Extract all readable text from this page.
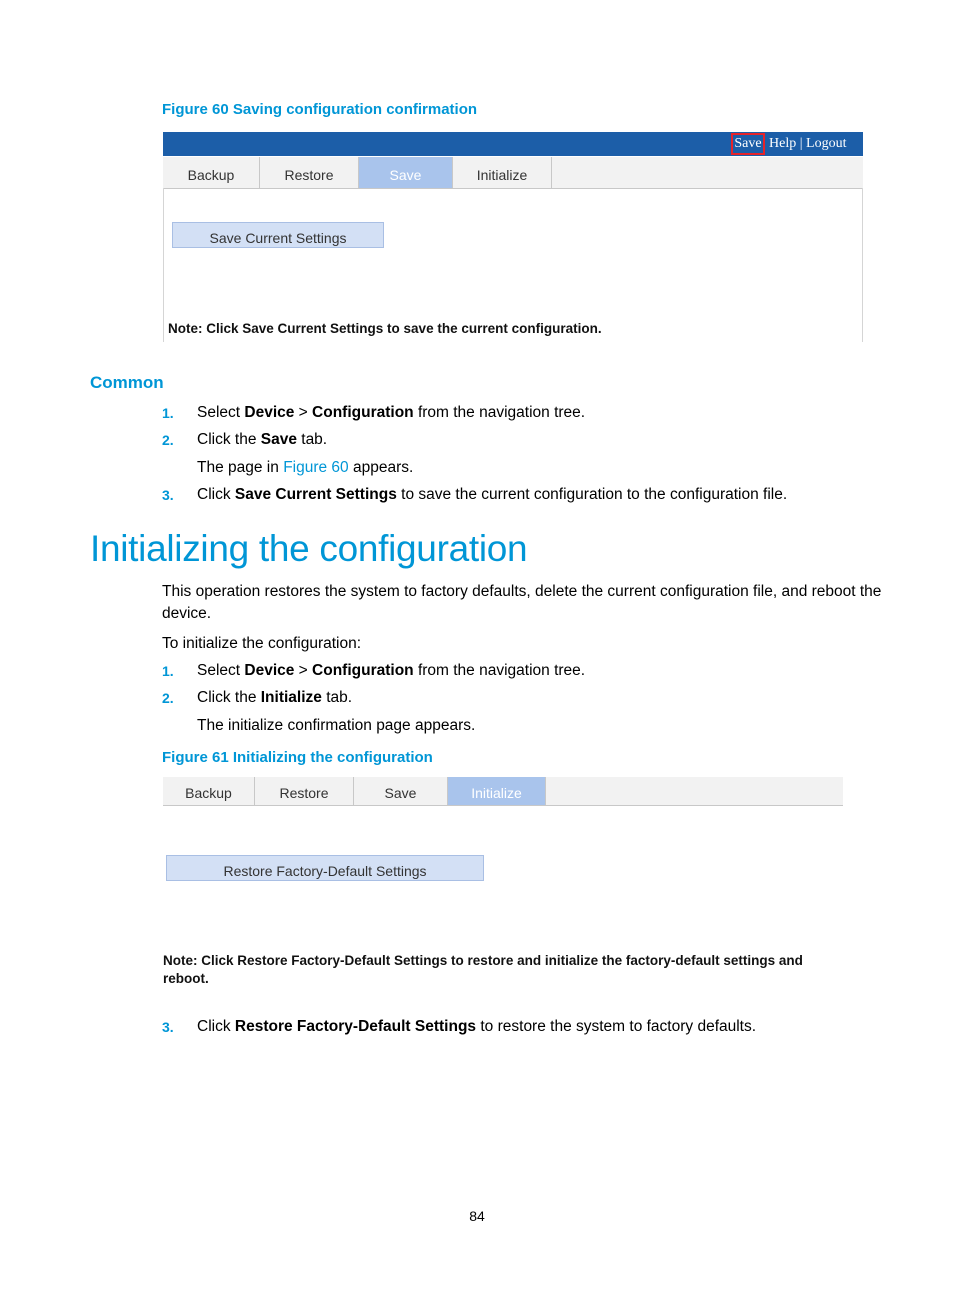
Figure 60 Saving configuration confirmation
Save Help | Logout
Backup	Restore	Save	Initialize
Save Current Settings
Note: Click Save Current Settings to save the current configuration.
Common
1. Select Device > Configuration from the navigation tree.
2. Click the Save tab.
The page in Figure 60 appears.
3. Click Save Current Settings to save the current configuration to the configuration file.
Initializing the configuration
This operation restores the system to factory defaults, delete the current configuration file, and reboot the
device.
To initialize the configuration:
1. Select Device > Configuration from the navigation tree.
2. Click the Initialize tab.
The initialize confirmation page appears.
Figure 61 Initializing the configuration
Backup	Restore	Save	Initialize
Restore Factory-Default Settings
Note: Click Restore Factory-Default Settings to restore and initialize the factory-default settings and
reboot.
3. Click Restore Factory-Default Settings to restore the system to factory defaults.
84
